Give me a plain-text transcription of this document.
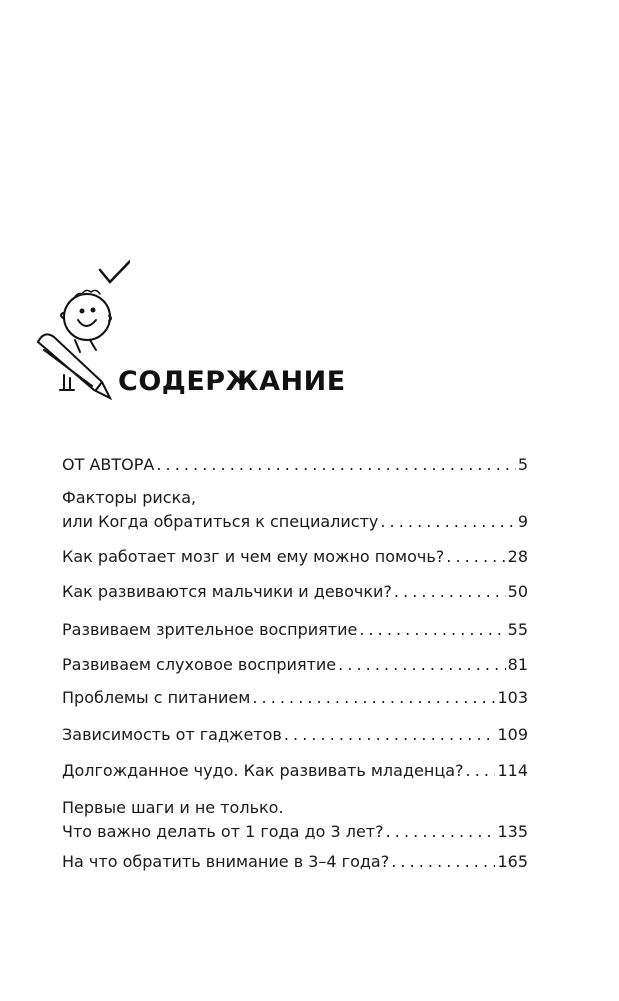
СОДЕРЖАНИЕ
ОТ АВТОРА . . .	5
Факторы риска,
или Когда обратиться к специалисту . . .	9
Как работает мозг и чем ему можно помочь? . . .	28
Как развиваются мальчики и девочки? . . .	50
Развиваем зрительное восприятие . . .	55
Развиваем слуховое восприятие . . .	81
Проблемы с питанием . . .	103
Зависимость от гаджетов . . .	109
Долгожданное чудо. Как развивать младенца? . . . 114
Первые шаги и не только.
Что важно делать от 1 года до 3 лет? . . .	135
На что обратить внимание в 3–4 года? . . .	165
